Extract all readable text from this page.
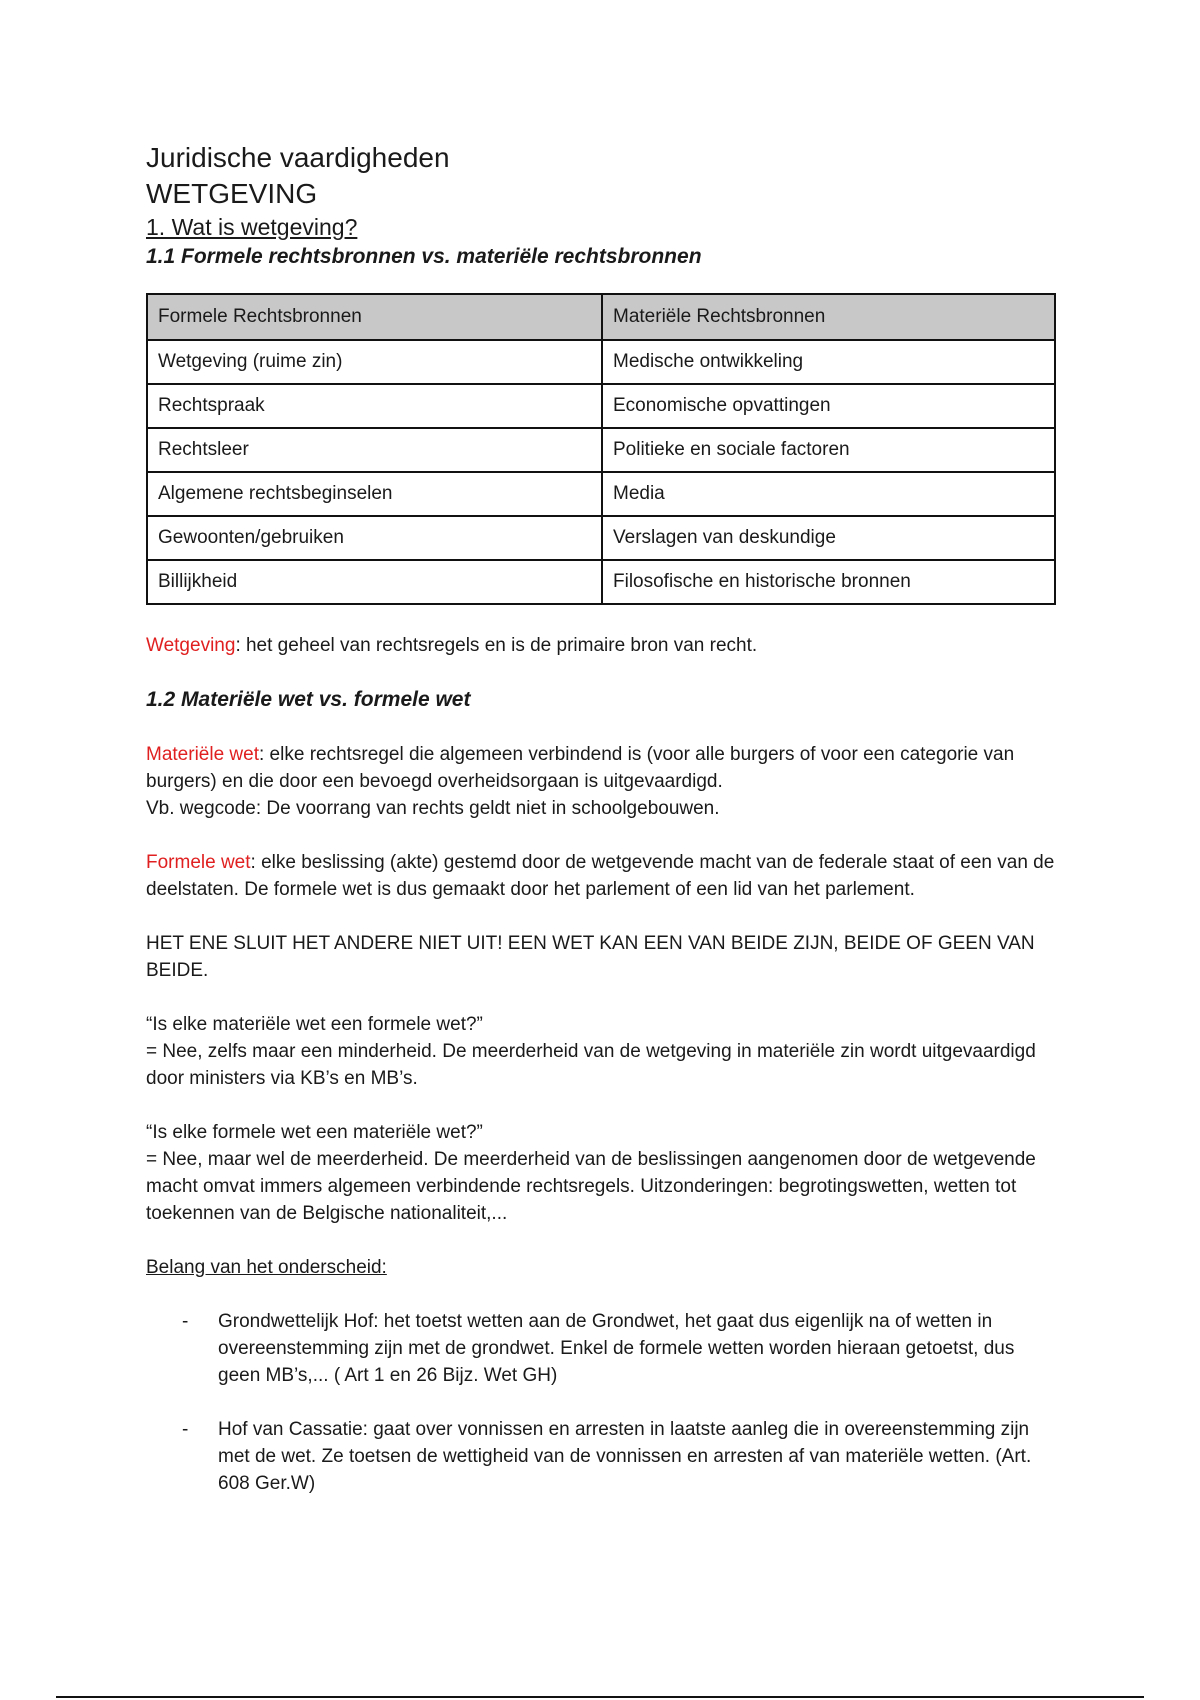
Juridische vaardigheden
WETGEVING
1. Wat is wetgeving?
1.1 Formele rechtsbronnen vs. materiële rechtsbronnen
Formele Rechtsbronnen	Materiële Rechtsbronnen
Wetgeving (ruime zin)	Medische ontwikkeling
Rechtspraak	Economische opvattingen
Rechtsleer	Politieke en sociale factoren
Algemene rechtsbeginselen	Media
Gewoonten/gebruiken	Verslagen van deskundige
Billijkheid	Filosofische en historische bronnen

Wetgeving: het geheel van rechtsregels en is de primaire bron van recht.

1.2 Materiële wet vs. formele wet

Materiële wet: elke rechtsregel die algemeen verbindend is (voor alle burgers of voor een categorie van burgers) en die door een bevoegd overheidsorgaan is uitgevaardigd.

Vb. wegcode: De voorrang van rechts geldt niet in schoolgebouwen.

Formele wet: elke beslissing (akte) gestemd door de wetgevende macht van de federale staat of een van de deelstaten. De formele wet is dus gemaakt door het parlement of een lid van het parlement.

HET ENE SLUIT HET ANDERE NIET UIT! EEN WET KAN EEN VAN BEIDE ZIJN, BEIDE OF GEEN VAN BEIDE.

“Is elke materiële wet een formele wet?”

= Nee, zelfs maar een minderheid. De meerderheid van de wetgeving in materiële zin wordt uitgevaardigd door ministers via KB’s en MB’s.

“Is elke formele wet een materiële wet?”

= Nee, maar wel de meerderheid. De meerderheid van de beslissingen aangenomen door de wetgevende macht omvat immers algemeen verbindende rechtsregels. Uitzonderingen: begrotingswetten, wetten tot toekennen van de Belgische nationaliteit,...

Belang van het onderscheid:

- Grondwettelijk Hof: het toetst wetten aan de Grondwet, het gaat dus eigenlijk na of wetten in overeenstemming zijn met de grondwet. Enkel de formele wetten worden hieraan getoetst, dus geen MB’s,... ( Art 1 en 26 Bijz. Wet GH)
- Hof van Cassatie: gaat over vonnissen en arresten in laatste aanleg die in overeenstemming zijn met de wet. Ze toetsen de wettigheid van de vonnissen en arresten af van materiële wetten. (Art. 608 Ger.W)
